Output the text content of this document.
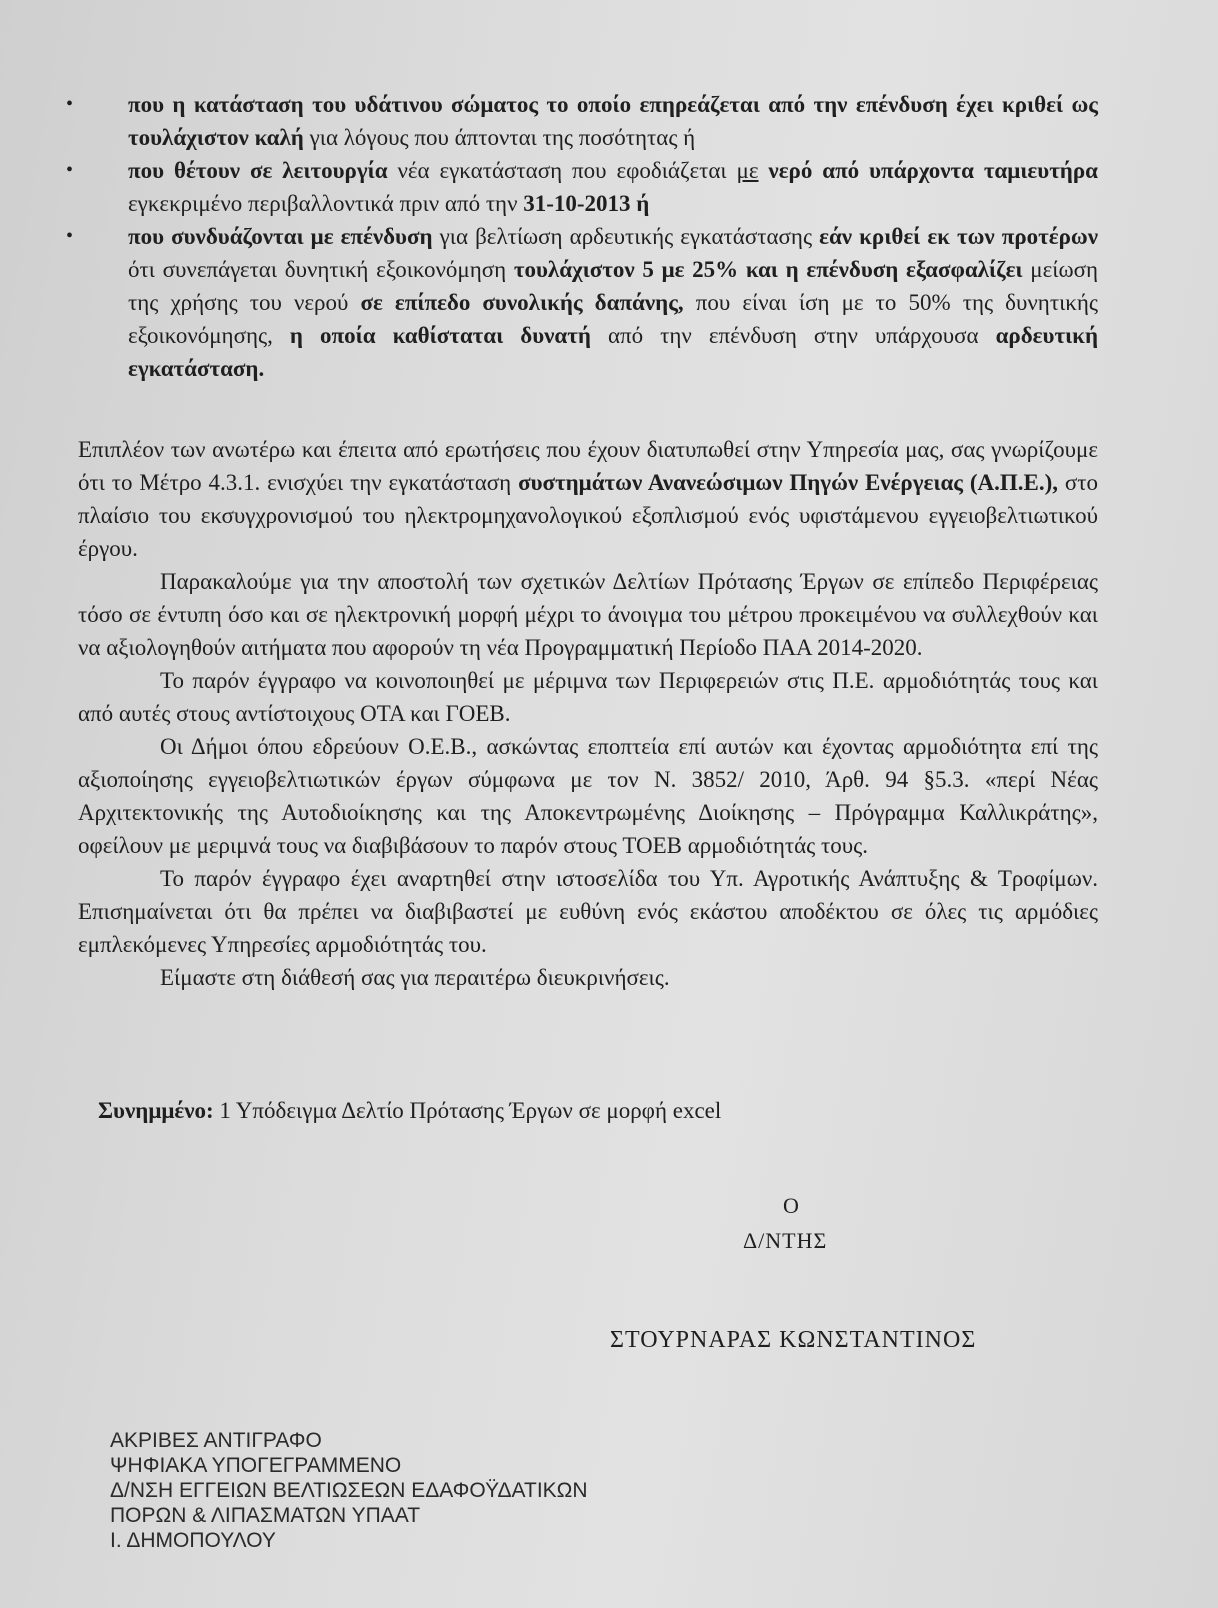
• που η κατάσταση του υδάτινου σώματος το οποίο επηρεάζεται από την επένδυση έχει κριθεί ως τουλάχιστον καλή για λόγους που άπτονται της ποσότητας ή
• που θέτουν σε λειτουργία νέα εγκατάσταση που εφοδιάζεται με νερό από υπάρχοντα ταμιευτήρα εγκεκριμένο περιβαλλοντικά πριν από την 31-10-2013 ή
• που συνδυάζονται με επένδυση για βελτίωση αρδευτικής εγκατάστασης εάν κριθεί εκ των προτέρων ότι συνεπάγεται δυνητική εξοικονόμηση τουλάχιστον 5 με 25% και η επένδυση εξασφαλίζει μείωση της χρήσης του νερού σε επίπεδο συνολικής δαπάνης, που είναι ίση με το 50% της δυνητικής εξοικονόμησης, η οποία καθίσταται δυνατή από την επένδυση στην υπάρχουσα αρδευτική εγκατάσταση.

Επιπλέον των ανωτέρω και έπειτα από ερωτήσεις που έχουν διατυπωθεί στην Υπηρεσία μας, σας γνωρίζουμε ότι το Μέτρο 4.3.1. ενισχύει την εγκατάσταση συστημάτων Ανανεώσιμων Πηγών Ενέργειας (Α.Π.Ε.), στο πλαίσιο του εκσυγχρονισμού του ηλεκτρομηχανολογικού εξοπλισμού ενός υφιστάμενου εγγειοβελτιωτικού έργου.

Παρακαλούμε για την αποστολή των σχετικών Δελτίων Πρότασης Έργων σε επίπεδο Περιφέρειας τόσο σε έντυπη όσο και σε ηλεκτρονική μορφή μέχρι το άνοιγμα του μέτρου προκειμένου να συλλεχθούν και να αξιολογηθούν αιτήματα που αφορούν τη νέα Προγραμματική Περίοδο ΠΑΑ 2014-2020.

Το παρόν έγγραφο να κοινοποιηθεί με μέριμνα των Περιφερειών στις Π.Ε. αρμοδιότητάς τους και από αυτές στους αντίστοιχους ΟΤΑ και ΓΟΕΒ.

Οι Δήμοι όπου εδρεύουν Ο.Ε.Β., ασκώντας εποπτεία επί αυτών και έχοντας αρμοδιότητα επί της αξιοποίησης εγγειοβελτιωτικών έργων σύμφωνα με τον Ν. 3852/ 2010, Άρθ. 94 §5.3. «περί Νέας Αρχιτεκτονικής της Αυτοδιοίκησης και της Αποκεντρωμένης Διοίκησης – Πρόγραμμα Καλλικράτης», οφείλουν με μεριμνά τους να διαβιβάσουν το παρόν στους ΤΟΕΒ αρμοδιότητάς τους.

Το παρόν έγγραφο έχει αναρτηθεί στην ιστοσελίδα του Υπ. Αγροτικής Ανάπτυξης & Τροφίμων. Επισημαίνεται ότι θα πρέπει να διαβιβαστεί με ευθύνη ενός εκάστου αποδέκτου σε όλες τις αρμόδιες εμπλεκόμενες Υπηρεσίες αρμοδιότητάς του.

Είμαστε στη διάθεσή σας για περαιτέρω διευκρινήσεις.

Συνημμένο: 1 Υπόδειγμα Δελτίο Πρότασης Έργων σε μορφή excel
Ο
Δ/ΝΤΗΣ
ΣΤΟΥΡΝΑΡΑΣ ΚΩΝΣΤΑΝΤΙΝΟΣ
ΑΚΡΙΒΕΣ ΑΝΤΙΓΡΑΦΟ
ΨΗΦΙΑΚΑ ΥΠΟΓΕΓΡΑΜΜΕΝΟ
Δ/ΝΣΗ ΕΓΓΕΙΩΝ ΒΕΛΤΙΩΣΕΩΝ ΕΔΑΦΟΫΔΑΤΙΚΩΝ
ΠΟΡΩΝ & ΛΙΠΑΣΜΑΤΩΝ ΥΠΑΑΤ
Ι. ΔΗΜΟΠΟΥΛΟΥ
